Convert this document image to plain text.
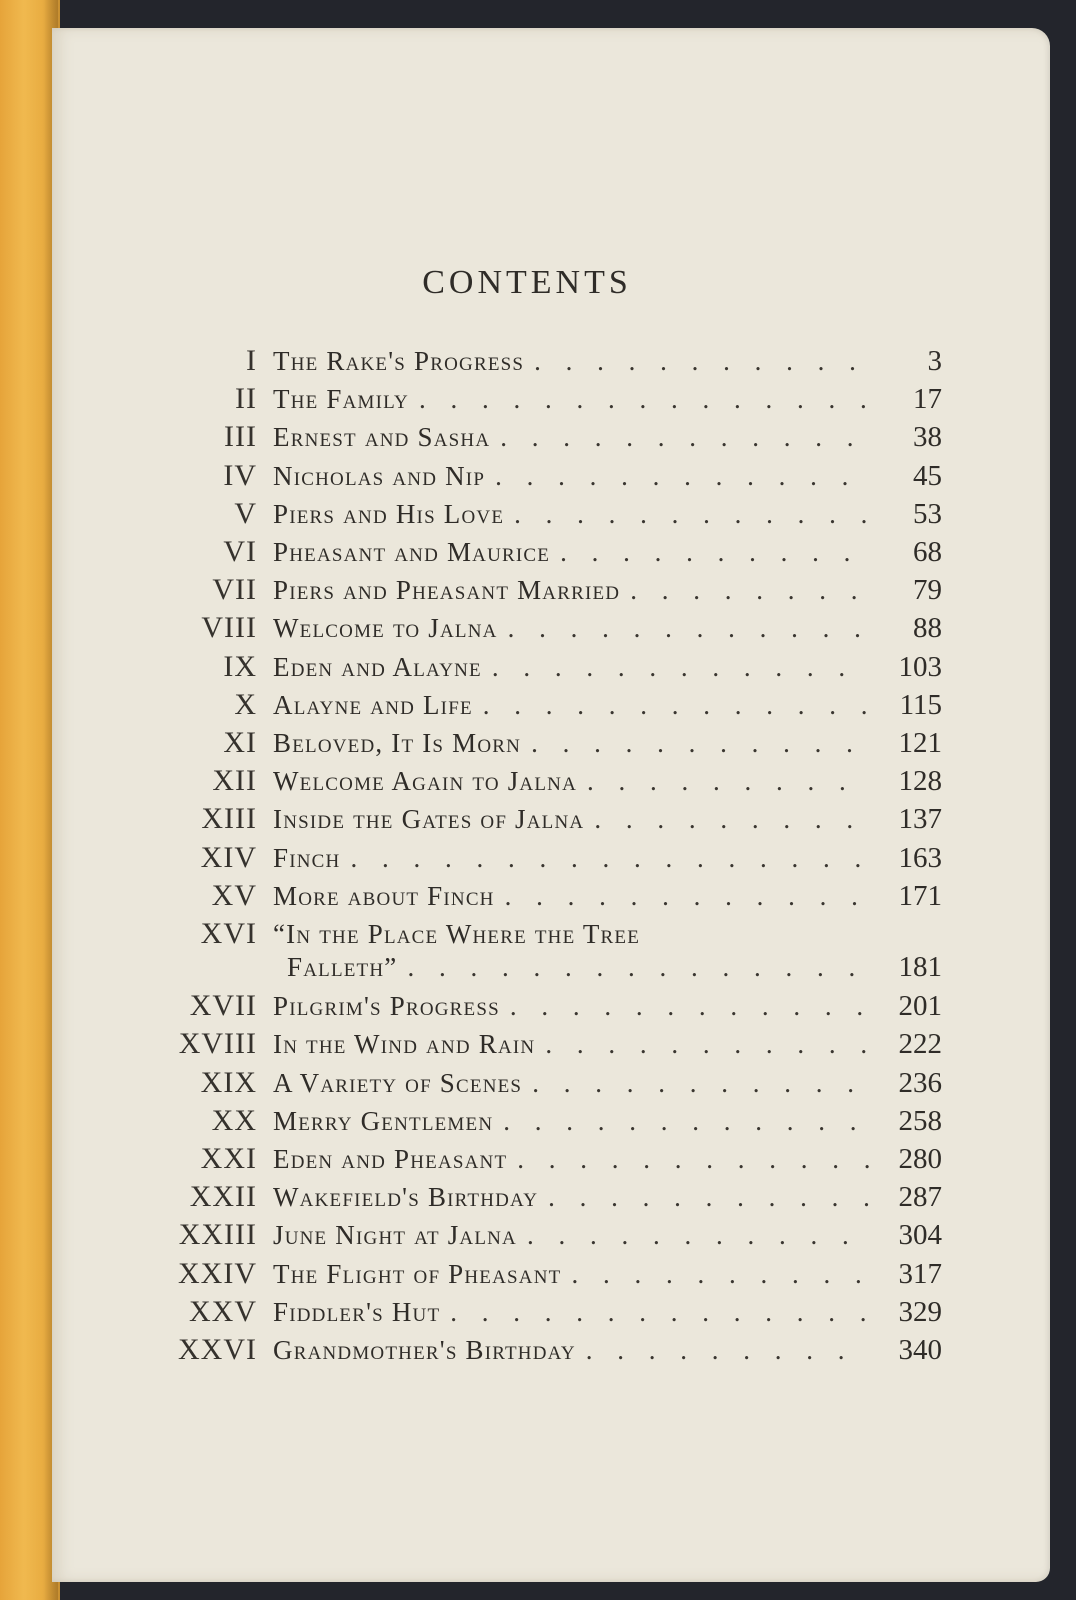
CONTENTS
I The Rake's Progress . . .	3
II The Family . . .	17
III Ernest and Sasha . . .	38
IV Nicholas and Nip . . .	45
V Piers and His Love . . .	53
VI Pheasant and Maurice . . .	68
VII Piers and Pheasant Married . . .	79
VIII Welcome to Jalna . . .	88
IX Eden and Alayne . . .	103
X Alayne and Life . . .	115
XI Beloved, It Is Morn . . .	121
XII Welcome Again to Jalna . . .	128
XIII Inside the Gates of Jalna . . .	137
XIV Finch . . .	163
XV More about Finch . . .	171
XVI “In the Place Where the Tree
Falleth” . . .	181
XVII Pilgrim's Progress . . .	201
XVIII In the Wind and Rain . . .	222
XIX A Variety of Scenes . . .	236
XX Merry Gentlemen . . .	258
XXI Eden and Pheasant . . .	280
XXII Wakefield's Birthday . . .	287
XXIII June Night at Jalna . . .	304
XXIV The Flight of Pheasant . . .	317
XXV Fiddler's Hut . . .	329
XXVI Grandmother's Birthday . . .	340
